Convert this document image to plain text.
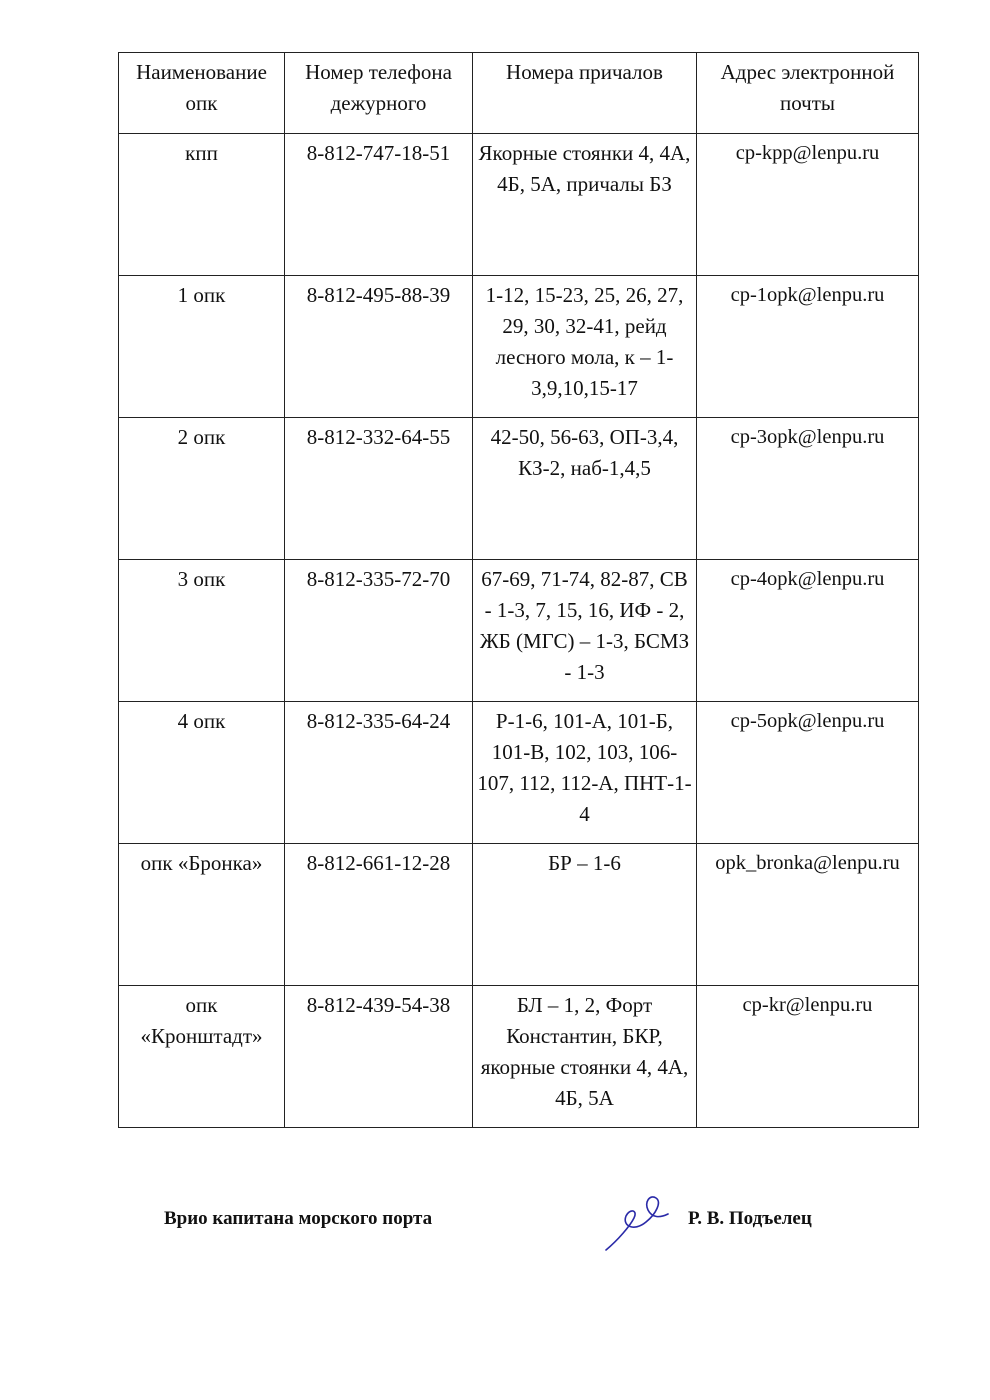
Наименование опк	Номер телефона дежурного	Номера причалов	Адрес электронной почты
кпп	8-812-747-18-51	Якорные стоянки 4, 4А, 4Б, 5А, причалы БЗ	cp-kpp@lenpu.ru
1 опк	8-812-495-88-39	1-12, 15-23, 25, 26, 27, 29, 30, 32-41, рейд лесного мола, к – 1-3,9,10,15-17	cp-1opk@lenpu.ru
2 опк	8-812-332-64-55	42-50, 56-63, ОП-3,4, КЗ-2, наб-1,4,5	cp-3opk@lenpu.ru
3 опк	8-812-335-72-70	67-69, 71-74, 82-87, СВ - 1-3, 7, 15, 16, ИФ - 2, ЖБ (МГС) – 1-3, БСМЗ - 1-3	cp-4opk@lenpu.ru
4 опк	8-812-335-64-24	Р-1-6, 101-А, 101-Б, 101-В, 102, 103, 106-107, 112, 112-А, ПНТ-1-4	cp-5opk@lenpu.ru
опк «Бронка»	8-812-661-12-28	БР – 1-6	opk_bronka@lenpu.ru
опк «Кронштадт»	8-812-439-54-38	БЛ – 1, 2, Форт Константин, БКР, якорные стоянки 4, 4А, 4Б, 5А	cp-kr@lenpu.ru
Врио капитана морского порта	Р. В. Подъелец
